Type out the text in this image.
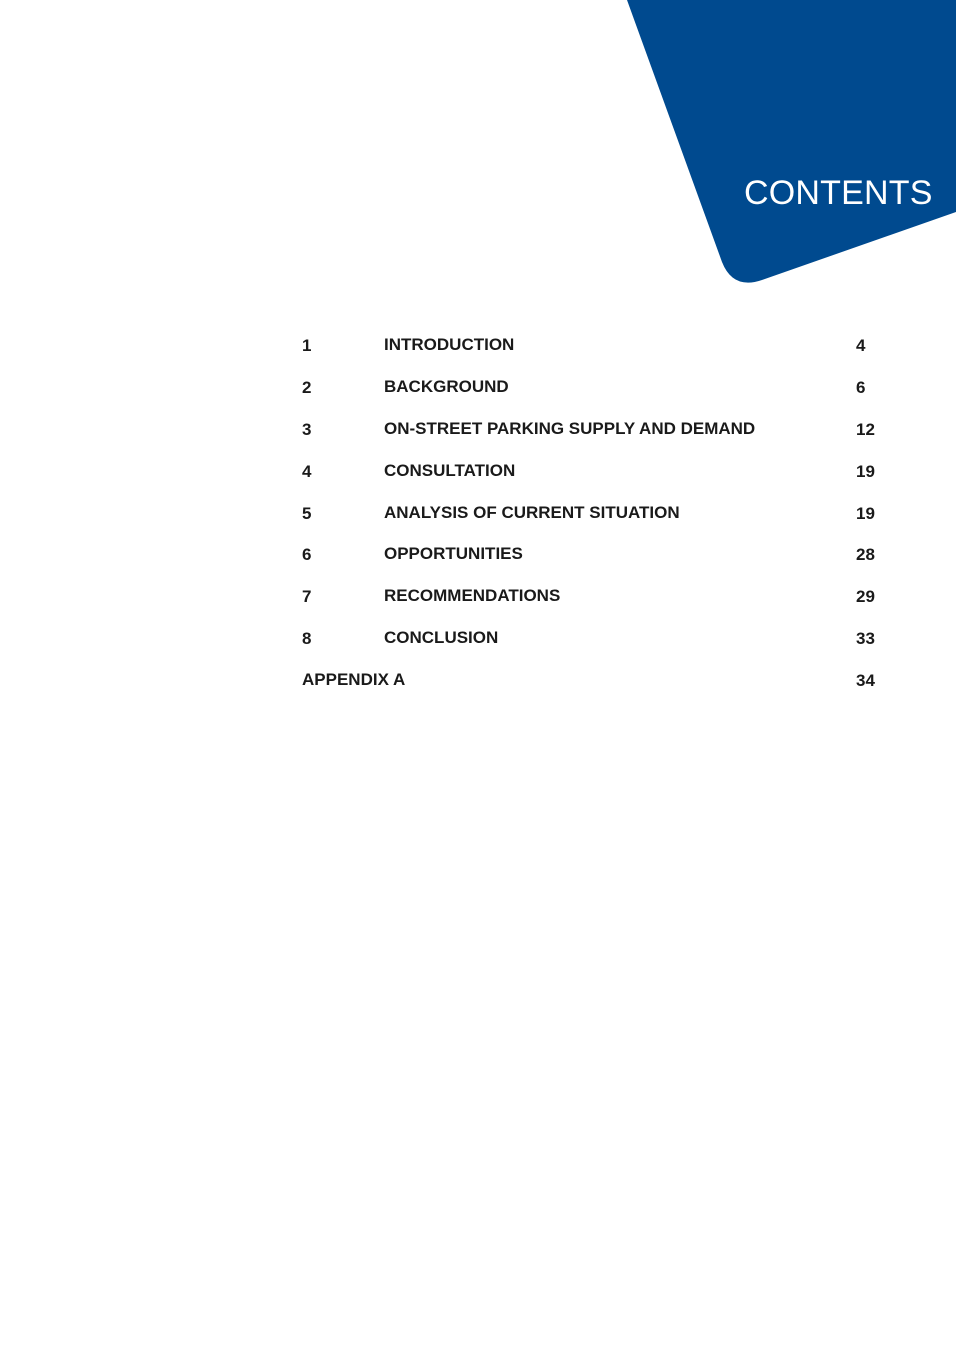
CONTENTS
1	INTRODUCTION	4
2	BACKGROUND	6
3	ON-STREET PARKING SUPPLY AND DEMAND	12
4	CONSULTATION	19
5	ANALYSIS OF CURRENT SITUATION	19
6	OPPORTUNITIES	28
7	RECOMMENDATIONS	29
8	CONCLUSION	33
APPENDIX A	34
